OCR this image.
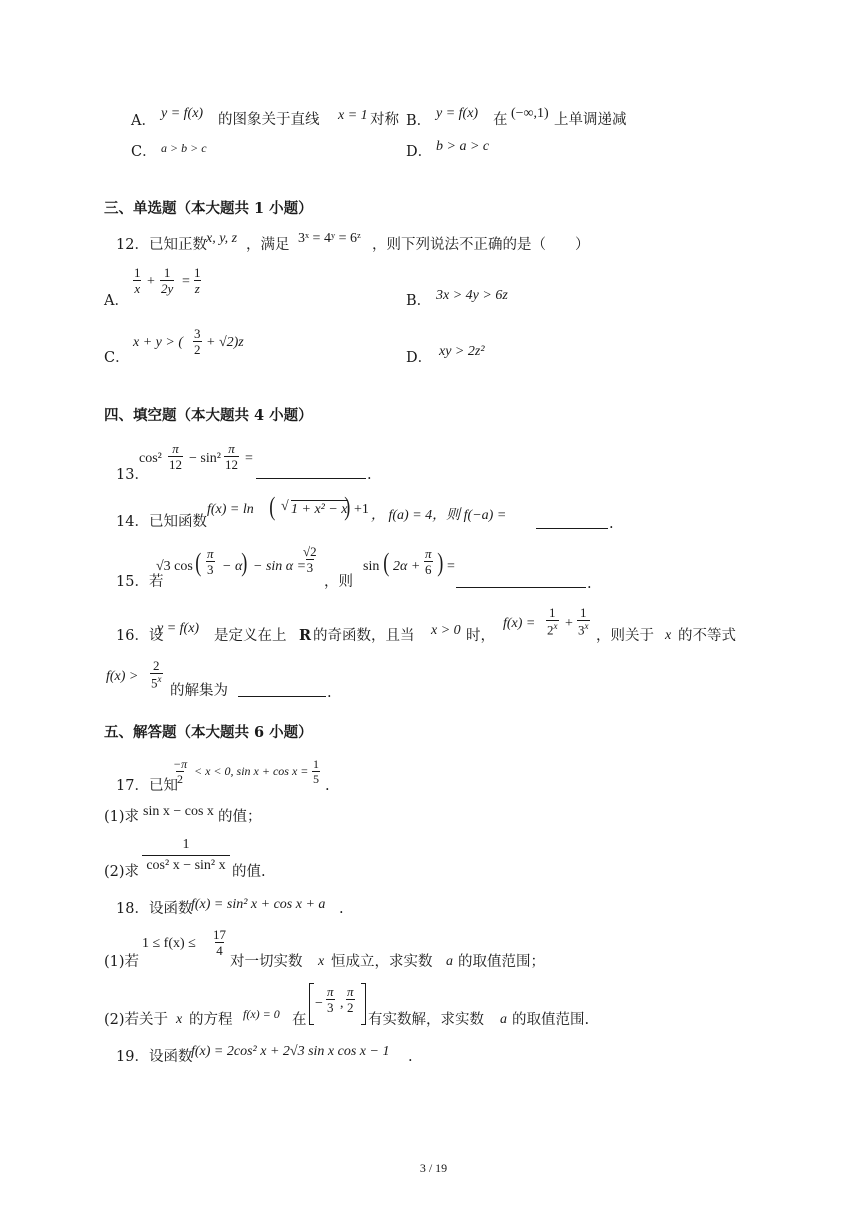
A． y = f(x) 的图象关于直线 x = 1 对称 B． y = f(x) 在 (−∞,1) 上单调递减
C． a > b > c	D． b > a > c
三、单选题（本大题共 1 小题）
12．已知正数 x, y, z ，满足 3ˣ = 4ʸ = 6ᶻ ，则下列说法不正确的是（　　）
A．
$\frac{1}{x} + \frac{1}{2y} = \frac{1}{z}$
B． 3x > 4y > 6z
C．
x + y > ( $\frac{3}{2} + √2)z$
D． xy > 2z²
四、填空题（本大题共 4 小题）
13．
$\cos^2 \frac{\pi}{12} - \sin^2 \frac{\pi}{12}$ =
.
14．已知函数
f(x) = ln ( √ 1 + x² − x
) +1 ， f(a) = 4，则 f(−a) =
.
15．若
√3 cos ( $\frac{\pi}{3} - \alpha$ ) − sin α =
$\frac{√2}{3}$
，则
sin ( $2\alpha + \frac{\pi}{6}$ ) =
.
16．设
y = f(x) 是定义在上 R 的奇函数，且当 x > 0 时，
$f(x) = \frac{1}{2^x} + \frac{1}{3^x}$ ，则关于 x 的不等式
$f(x) > \frac{2}{5^x}$
的解集为	.
五、解答题（本大题共 6 小题）
17．已知
$\frac{-\pi}{2} < x < 0$, $\sin x + \cos x = \frac{1}{5}$
.
(1)求 sin x − cos x 的值；
(2)求
1
cos² x − sin² x 的值.
18．设函数
f(x) = sin² x + cos x + a .
(1)若
$1 \le f(x) \le \frac{17}{4}$
对一切实数 x 恒成立，求实数 a 的取值范围；
(2)若关于 x 的方程 f(x) = 0 在
− $\frac{\pi}{3}$ , $\frac{\pi}{2}$
有实数解，求实数 a 的取值范围.
19．设函数
f(x) = 2cos² x + 2√3 sin x cos x − 1 .
3 / 19
